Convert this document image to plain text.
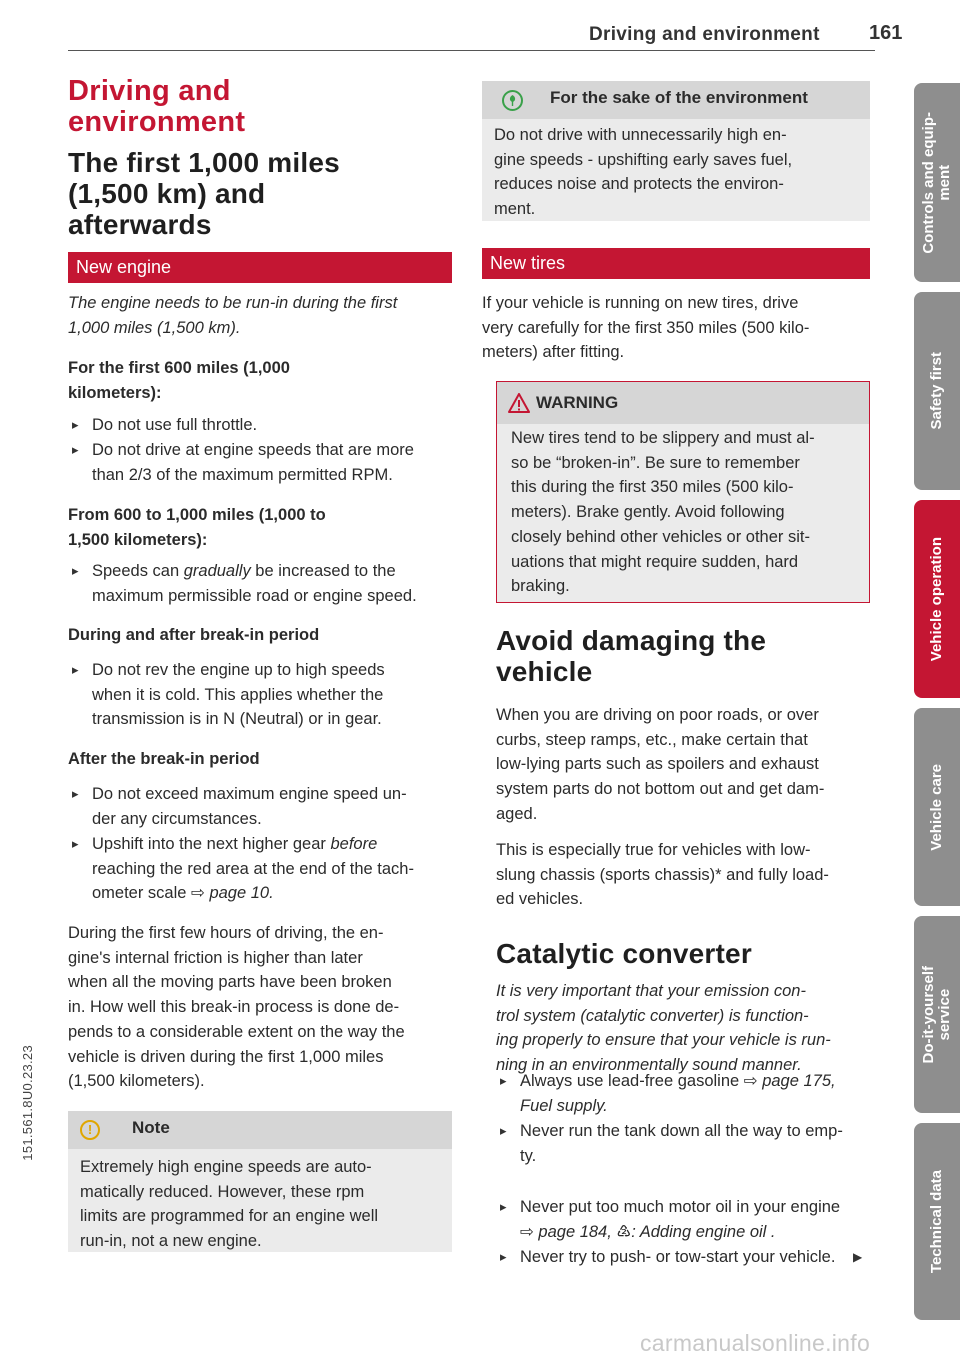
Driving and environment 161
Driving and
environment
The first 1,000 miles
(1,500 km) and
afterwards
New engine
The engine needs to be run-in during the first
1,000 miles (1,500 km).
For the first 600 miles (1,000
kilometers):
▸ Do not use full throttle.
▸ Do not drive at engine speeds that are more
than 2/3 of the maximum permitted RPM.
From 600 to 1,000 miles (1,000 to
1,500 kilometers):
▸ Speeds can gradually be increased to the
maximum permissible road or engine speed.
During and after break-in period
▸ Do not rev the engine up to high speeds
when it is cold. This applies whether the
transmission is in N (Neutral) or in gear.
After the break-in period
▸ Do not exceed maximum engine speed un-
der any circumstances.
▸ Upshift into the next higher gear before
reaching the red area at the end of the tach-
ometer scale ⇨ page 10.
During the first few hours of driving, the en-
gine's internal friction is higher than later
when all the moving parts have been broken
in. How well this break-in process is done de-
pends to a considerable extent on the way the
vehicle is driven during the first 1,000 miles
(1,500 kilometers).
!	Note
Extremely high engine speeds are auto-
matically reduced. However, these rpm
limits are programmed for an engine well
run-in, not a new engine.
For the sake of the environment
Do not drive with unnecessarily high en-
gine speeds - upshifting early saves fuel,
reduces noise and protects the environ-
ment.
New tires
If your vehicle is running on new tires, drive
very carefully for the first 350 miles (500 kilo-
meters) after fitting.
WARNING
New tires tend to be slippery and must al-
so be “broken-in”. Be sure to remember
this during the first 350 miles (500 kilo-
meters). Brake gently. Avoid following
closely behind other vehicles or other sit-
uations that might require sudden, hard
braking.
Avoid damaging the
vehicle
When you are driving on poor roads, or over
curbs, steep ramps, etc., make certain that
low-lying parts such as spoilers and exhaust
system parts do not bottom out and get dam-
aged.
This is especially true for vehicles with low-
slung chassis (sports chassis)* and fully load-
ed vehicles.
Catalytic converter
It is very important that your emission con-
trol system (catalytic converter) is function-
ing properly to ensure that your vehicle is run-
ning in an environmentally sound manner.
▸ Always use lead-free gasoline ⇨ page 175,
Fuel supply.
▸ Never run the tank down all the way to emp-
ty.
▸ Never put too much motor oil in your engine
⇨ page 184, ♴: Adding engine oil .
▸ Never try to push- or tow-start your vehicle. ▶
Controls and equip-
ment
Safety first
Vehicle operation
Vehicle care
Do-it-yourself
service
Technical data
151.561.8U0.23.23
carmanualsonline.info
